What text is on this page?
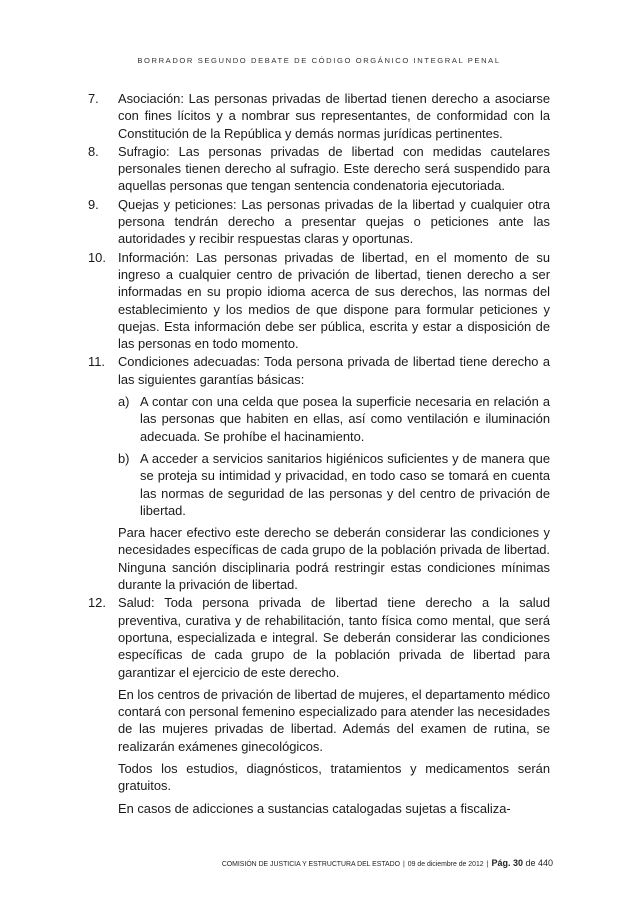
BORRADOR SEGUNDO DEBATE DE CÓDIGO ORGÁNICO INTEGRAL PENAL
7.	Asociación: Las personas privadas de libertad tienen derecho a asociarse con fines lícitos y a nombrar sus representantes, de conformidad con la Constitución de la República y demás normas jurídicas pertinentes.

8.	Sufragio: Las personas privadas de libertad con medidas cautelares personales tienen derecho al sufragio. Este derecho será suspendido para aquellas personas que tengan sentencia condenatoria ejecutoriada.

9.	Quejas y peticiones: Las personas privadas de la libertad y cualquier otra persona tendrán derecho a presentar quejas o peticiones ante las autoridades y recibir respuestas claras y oportunas.

10. Información: Las personas privadas de libertad, en el momento de su ingreso a cualquier centro de privación de libertad, tienen derecho a ser informadas en su propio idioma acerca de sus derechos, las normas del establecimiento y los medios de que dispone para formular peticiones y quejas. Esta información debe ser pública, escrita y estar a disposición de las personas en todo momento.

11.	Condiciones adecuadas: Toda persona privada de libertad tiene derecho a las siguientes garantías básicas:

a) A contar con una celda que posea la superficie necesaria en relación a las personas que habiten en ellas, así como ventilación e iluminación adecuada. Se prohíbe el hacinamiento.
b) A acceder a servicios sanitarios higiénicos suficientes y de manera que se proteja su intimidad y privacidad, en todo caso se tomará en cuenta las normas de seguridad de las personas y del centro de privación de libertad.

Para hacer efectivo este derecho se deberán considerar las condiciones y necesidades específicas de cada grupo de la población privada de libertad. Ninguna sanción disciplinaria podrá restringir estas condiciones mínimas durante la privación de libertad.

12. Salud: Toda persona privada de libertad tiene derecho a la salud preventiva, curativa y de rehabilitación, tanto física como mental, que será oportuna, especializada e integral. Se deberán considerar las condiciones específicas de cada grupo de la población privada de libertad para garantizar el ejercicio de este derecho.

En los centros de privación de libertad de mujeres, el departamento médico contará con personal femenino especializado para atender las necesidades de las mujeres privadas de libertad. Además del examen de rutina, se realizarán exámenes ginecológicos.

Todos los estudios, diagnósticos, tratamientos y medicamentos serán gratuitos.

En casos de adicciones a sustancias catalogadas sujetas a fiscaliza-

COMISIÓN DE JUSTICIA Y ESTRUCTURA DEL ESTADO | 09 de diciembre de 2012 | Pág. 30 de 440
